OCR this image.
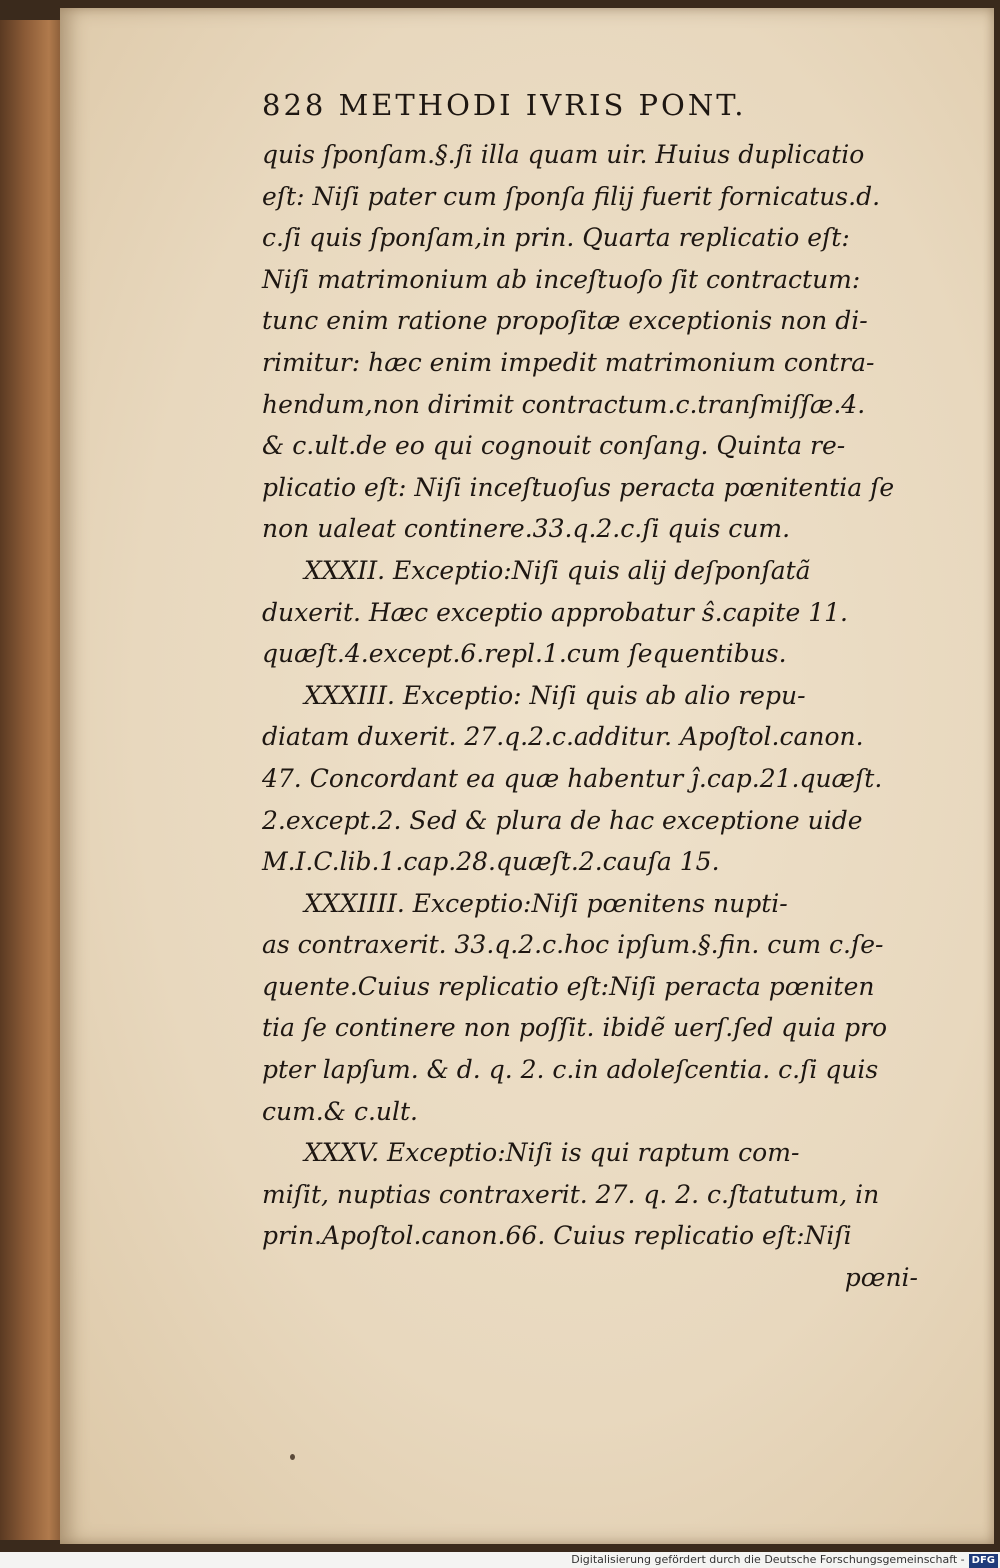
828 METHODI IVRIS PONT.
quis ſponſam.§.ſi illa quam uir. Huius duplicatio
eſt: Niſi pater cum ſponſa filij fuerit fornicatus.d.
c.ſi quis ſponſam,in prin. Quarta replicatio eſt:
Niſi matrimonium ab inceſtuoſo ſit contractum:
tunc enim ratione propoſitæ exceptionis non di-
rimitur: hæc enim impedit matrimonium contra-
hendum,non dirimit contractum.c.tranſmiſſæ.4.
& c.ult.de eo qui cognouit conſang. Quinta re-
plicatio eſt: Niſi inceſtuoſus peracta pœnitentia ſe
non ualeat continere.33.q.2.c.ſi quis cum.
XXXII. Exceptio:Niſi quis alij deſponſatã
duxerit. Hæc exceptio approbatur ŝ.capite 11.
quæſt.4.except.6.repl.1.cum ſequentibus.
XXXIII. Exceptio: Niſi quis ab alio repu-
diatam duxerit. 27.q.2.c.additur. Apoſtol.canon.
47. Concordant ea quæ habentur ĵ.cap.21.quæſt.
2.except.2. Sed & plura de hac exceptione uide
M.I.C.lib.1.cap.28.quæſt.2.cauſa 15.
XXXIIII. Exceptio:Niſi pœnitens nupti-
as contraxerit. 33.q.2.c.hoc ipſum.§.fin. cum c.ſe-
quente.Cuius replicatio eſt:Niſi peracta pœniten
tia ſe continere non poſſit. ibidẽ uerſ.ſed quia pro
pter lapſum. & d. q. 2. c.in adoleſcentia. c.ſi quis
cum.& c.ult.
XXXV. Exceptio:Niſi is qui raptum com-
miſit, nuptias contraxerit. 27. q. 2. c.ſtatutum, in
prin.Apoſtol.canon.66. Cuius replicatio eſt:Niſi
pœni-
Digitalisierung gefördert durch die Deutsche Forschungsgemeinschaft - DFG
